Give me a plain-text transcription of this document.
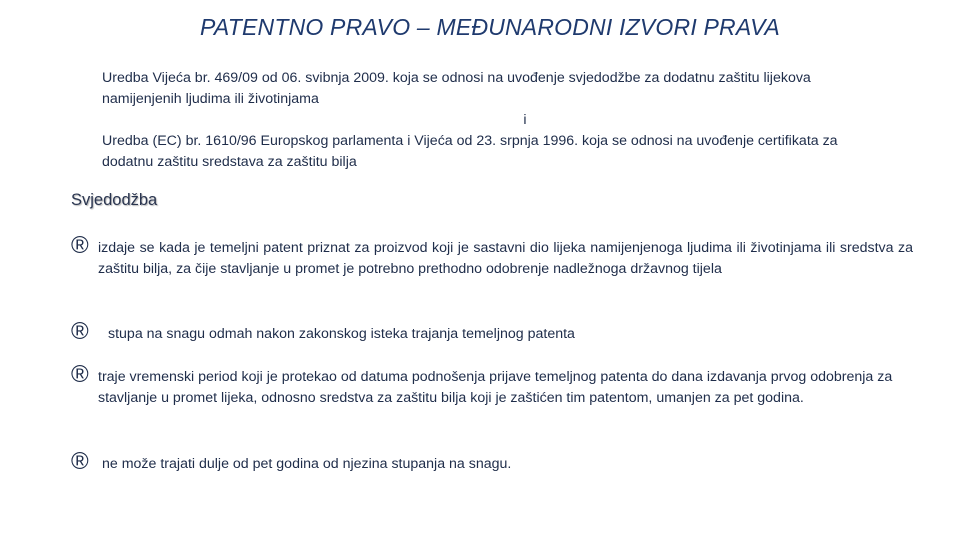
PATENTNO PRAVO – MEĐUNARODNI IZVORI PRAVA

Uredba Vijeća br. 469/09 od 06. svibnja 2009. koja se odnosi na uvođenje svjedodžbe za dodatnu zaštitu lijekova namijenjenih ljudima ili životinjama

i

Uredba (EC) br. 1610/96 Europskog parlamenta i Vijeća od 23. srpnja 1996. koja se odnosi na uvođenje certifikata za dodatnu zaštitu sredstava za zaštitu bilja

Svjedodžba
® izdaje se kada je temeljni patent priznat za proizvod koji je sastavni dio lijeka namijenjenoga ljudima ili životinjama ili sredstva za zaštitu bilja, za čije stavljanje u promet je potrebno prethodno odobrenje nadležnoga državnog tijela
® stupa na snagu odmah nakon zakonskog isteka trajanja temeljnog patenta
® traje vremenski period koji je protekao od datuma podnošenja prijave temeljnog patenta do dana izdavanja prvog odobrenja za stavljanje u promet lijeka, odnosno sredstva za zaštitu bilja koji je zaštićen tim patentom, umanjen za pet godina.
® ne može trajati dulje od pet godina od njezina stupanja na snagu.
